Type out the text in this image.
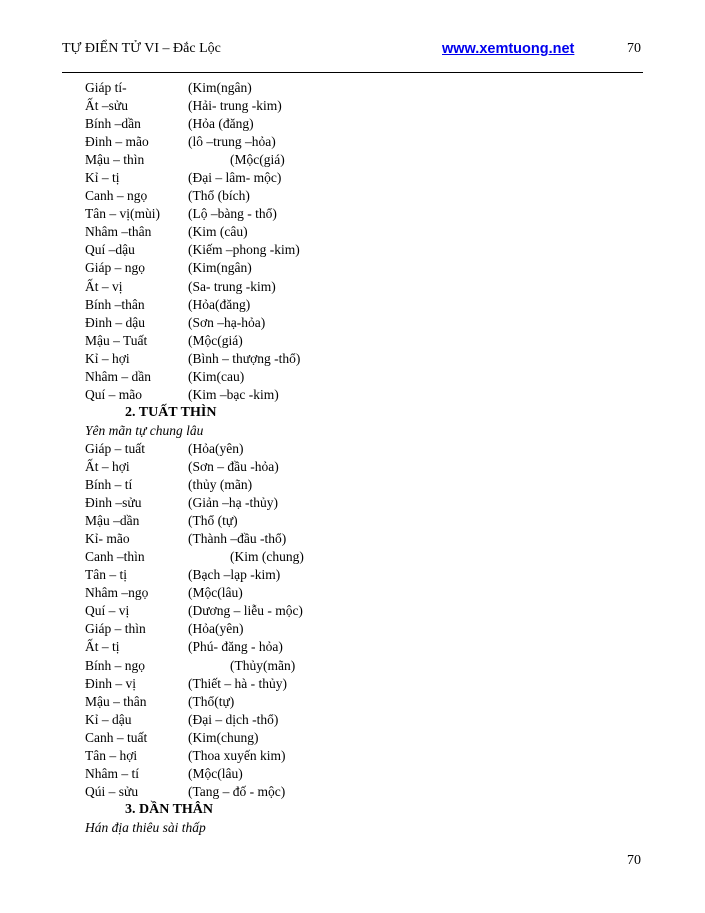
TỰ ĐIỂN TỬ VI – Đắc Lộc	www.xemtuong.net	70
Giáp tí-	(Kim(ngân)
Ất –sửu	(Hải- trung -kim)
Bính –dần	(Hỏa (đăng)
Đinh – mão	(lô –trung –hỏa)
Mậu – thìn	(Mộc(giá)
Kỉ – tị	(Đại – lâm- mộc)
Canh – ngọ	(Thổ (bích)
Tân – vị(mùi) (Lộ –bàng - thổ)
Nhâm –thân	(Kim (câu)
Quí –dậu	(Kiếm –phong -kim)
Giáp – ngọ	(Kim(ngân)
Ất – vị	(Sa- trung -kim)
Bính –thân	(Hỏa(đăng)
Đinh – dậu	(Sơn –hạ-hỏa)
Mậu – Tuất	(Mộc(giá)
Kỉ – hợi	(Bình – thượng -thổ)
Nhâm – dần	(Kim(cau)
Quí – mão	(Kim –bạc -kim)
2. TUẤT THÌN
Yên mãn tự chung lâu
Giáp – tuất	(Hỏa(yên)
Ất – hợi	(Sơn – đầu -hỏa)
Bính – tí	(thủy (mãn)
Đinh –sửu	(Giản –hạ -thủy)
Mậu –dần	(Thổ (tự)
Kỉ- mão	(Thành –đầu -thổ)
Canh –thìn	(Kim (chung)
Tân – tị	(Bạch –lạp -kim)
Nhâm –ngọ	(Mộc(lâu)
Quí – vị	(Dương – liễu - mộc)
Giáp – thìn	(Hỏa(yên)
Ất – tị	(Phú- đăng - hỏa)
Bính – ngọ	(Thủy(mãn)
Đinh – vị	(Thiết – hà - thủy)
Mậu – thân	(Thổ(tự)
Kỉ – dậu	(Đại – dịch -thổ)
Canh – tuất	(Kim(chung)
Tân – hợi	(Thoa xuyến kim)
Nhâm – tí	(Mộc(lâu)
Qúi – sửu	(Tang – đố - mộc)
3. DẦN THÂN
Hán địa thiêu sài thấp
70
